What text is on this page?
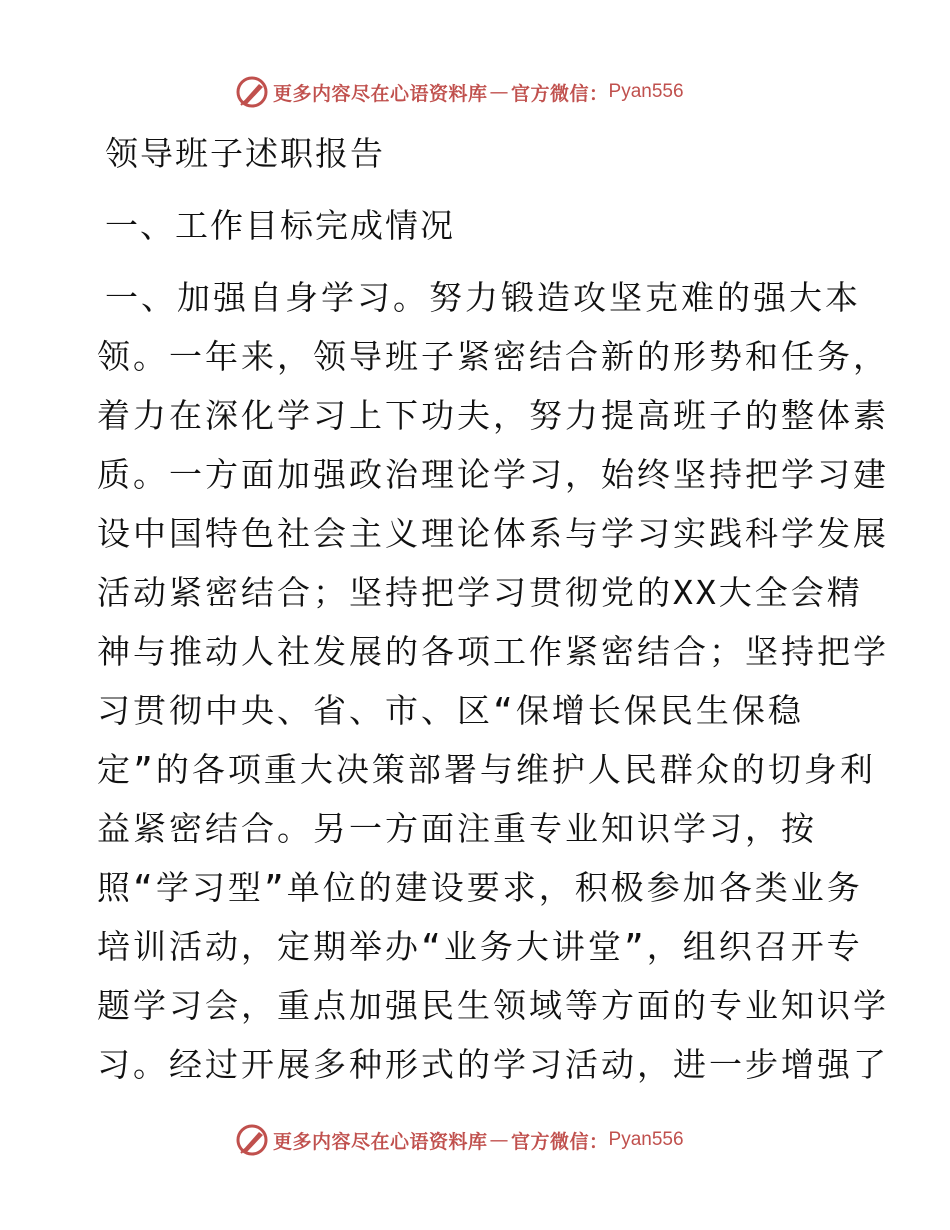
更多内容尽在心语资料库 — 官方微信： Pyan556
领导班子述职报告
一、工作目标完成情况
一、加强自身学习。努力锻造攻坚克难的强大本
领。一年来，领导班子紧密结合新的形势和任务，
着力在深化学习上下功夫，努力提高班子的整体素
质。一方面加强政治理论学习，始终坚持把学习建
设中国特色社会主义理论体系与学习实践科学发展
活动紧密结合；坚持把学习贯彻党的XX大全会精
神与推动人社发展的各项工作紧密结合；坚持把学
习贯彻中央、省、市、区“保增长保民生保稳
定”的各项重大决策部署与维护人民群众的切身利
益紧密结合。另一方面注重专业知识学习，按
照“学习型”单位的建设要求，积极参加各类业务
培训活动，定期举办“业务大讲堂”，组织召开专
题学习会，重点加强民生领域等方面的专业知识学
习。经过开展多种形式的学习活动，进一步增强了
更多内容尽在心语资料库 — 官方微信： Pyan556
